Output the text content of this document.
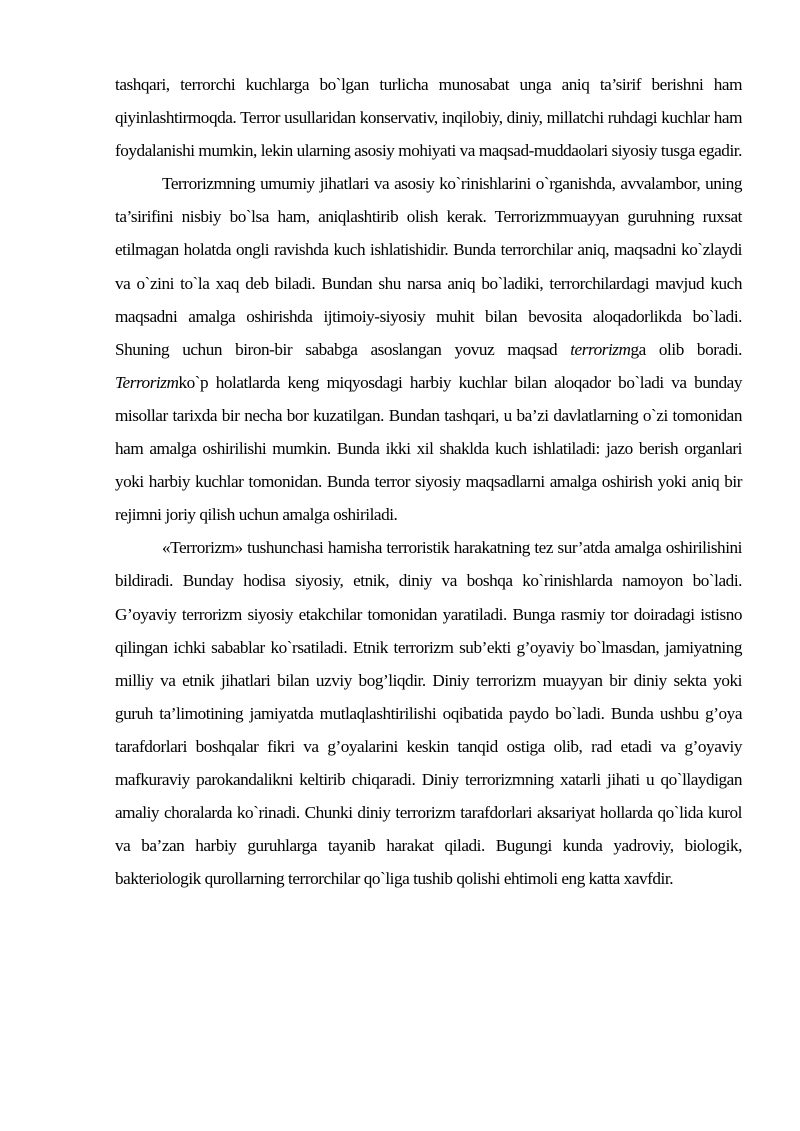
tashqari, terrorchi kuchlarga bo`lgan turlicha munosabat unga aniq ta’sirif berishni ham qiyinlashtirmoqda. Terror usullaridan konservativ, inqilobiy, diniy, millatchi ruhdagi kuchlar ham foydalanishi mumkin, lekin ularning asosiy mohiyati va maqsad-muddaolari siyosiy tusga egadir.

Terrorizmning umumiy jihatlari va asosiy ko`rinishlarini o`rganishda, avvalambor, uning ta’sirifini nisbiy bo`lsa ham, aniqlashtirib olish kerak. Terrorizmmuayyan guruhning ruxsat etilmagan holatda ongli ravishda kuch ishlatishidir. Bunda terrorchilar aniq, maqsadni ko`zlaydi va o`zini to`la xaq deb biladi. Bundan shu narsa aniq bo`ladiki, terrorchilardagi mavjud kuch maqsadni amalga oshirishda ijtimoiy-siyosiy muhit bilan bevosita aloqadorlikda bo`ladi. Shuning uchun biron-bir sababga asoslangan yovuz maqsad terrorizmga olib boradi. Terrorizmko`p holatlarda keng miqyosdagi harbiy kuchlar bilan aloqador bo`ladi va bunday misollar tarixda bir necha bor kuzatilgan. Bundan tashqari, u ba’zi davlatlarning o`zi tomonidan ham amalga oshirilishi mumkin. Bunda ikki xil shaklda kuch ishlatiladi: jazo berish organlari yoki harbiy kuchlar tomonidan. Bunda terror siyosiy maqsadlarni amalga oshirish yoki aniq bir rejimni joriy qilish uchun amalga oshiriladi.

«Terrorizm» tushunchasi hamisha terroristik harakatning tez sur’atda amalga oshirilishini bildiradi. Bunday hodisa siyosiy, etnik, diniy va boshqa ko`rinishlarda namoyon bo`ladi. G’oyaviy terrorizm siyosiy etakchilar tomonidan yaratiladi. Bunga rasmiy tor doiradagi istisno qilingan ichki sabablar ko`rsatiladi. Etnik terrorizm sub’ekti g’oyaviy bo`lmasdan, jamiyatning milliy va etnik jihatlari bilan uzviy bog’liqdir. Diniy terrorizm muayyan bir diniy sekta yoki guruh ta’limotining jamiyatda mutlaqlashtirilishi oqibatida paydo bo`ladi. Bunda ushbu g’oya tarafdorlari boshqalar fikri va g’oyalarini keskin tanqid ostiga olib, rad etadi va g’oyaviy mafkuraviy parokandalikni keltirib chiqaradi. Diniy terrorizmning xatarli jihati u qo`llaydigan amaliy choralarda ko`rinadi. Chunki diniy terrorizm tarafdorlari aksariyat hollarda qo`lida kurol va ba’zan harbiy guruhlarga tayanib harakat qiladi. Bugungi kunda yadroviy, biologik, bakteriologik qurollarning terrorchilar qo`liga tushib qolishi ehtimoli eng katta xavfdir.
